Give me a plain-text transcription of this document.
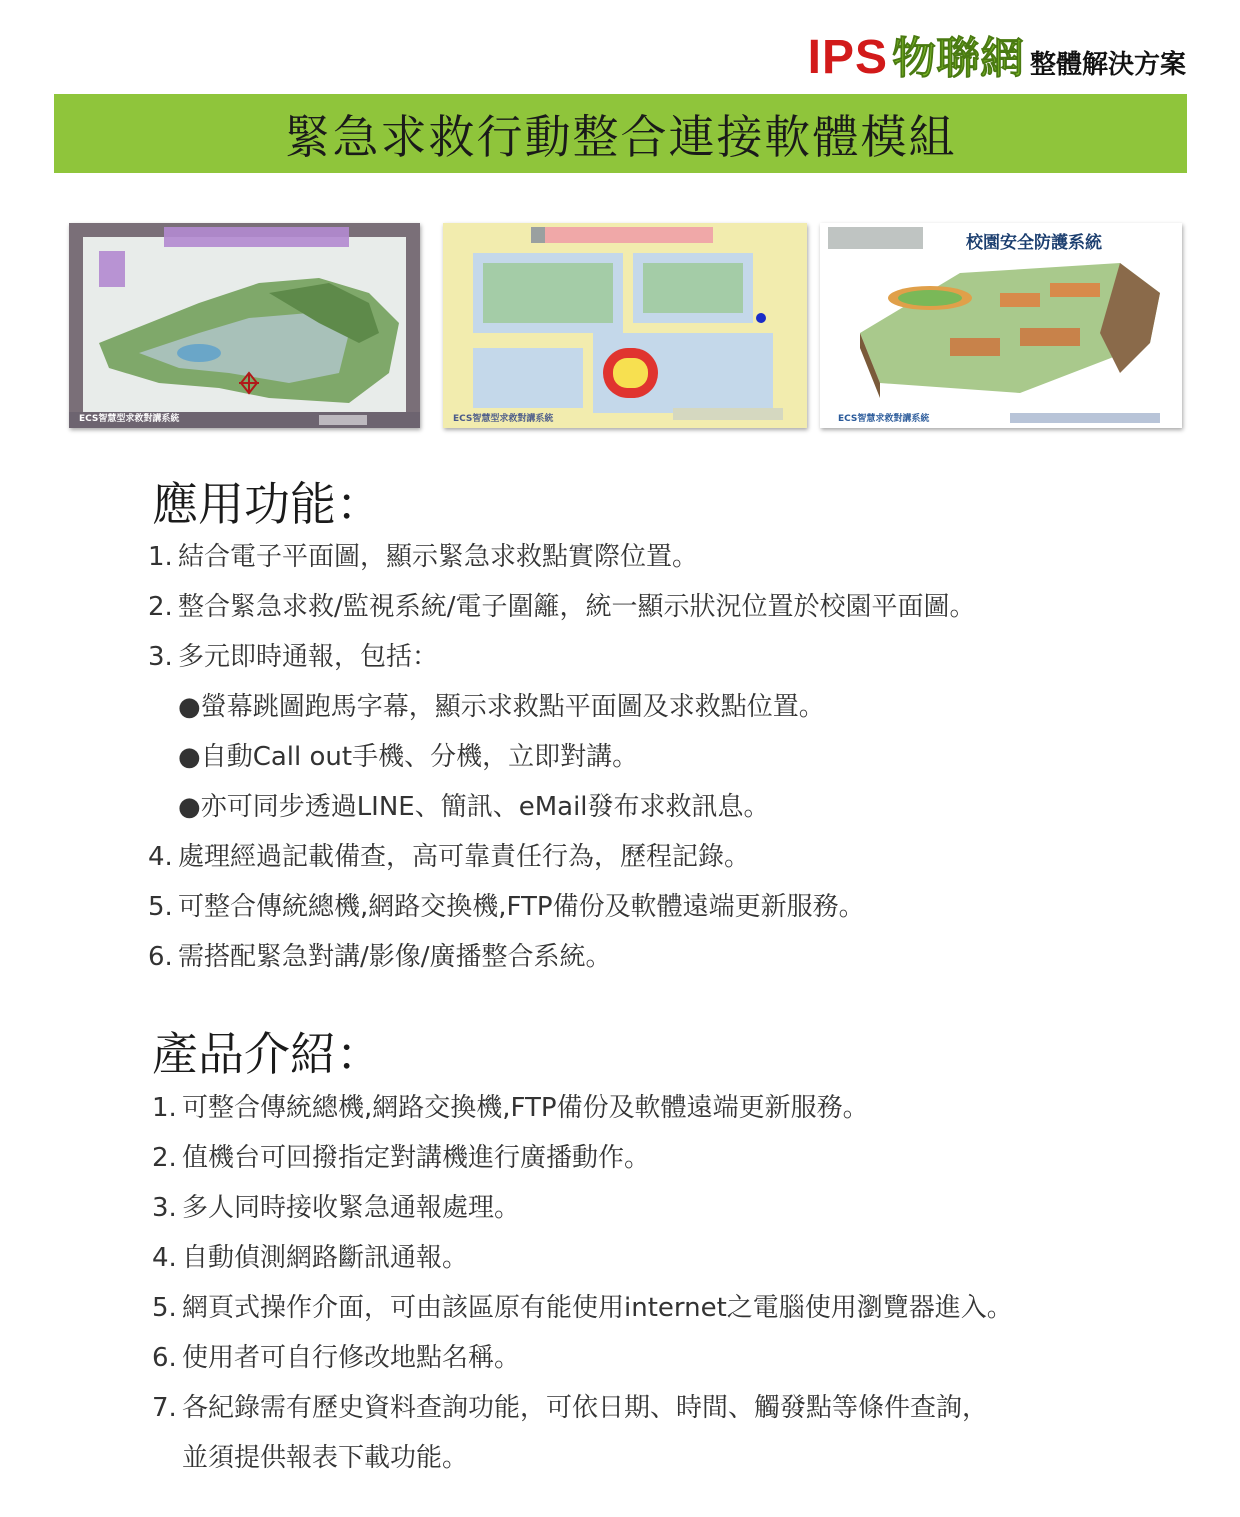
IPS 物聯網 整體解決方案
緊急求救行動整合連接軟體模組
ECS智慧型求救對講系統	ECS智慧型求救對講系統
校園安全防護系統
ECS智慧求救對講系統
應用功能：
1. 結合電子平面圖，顯示緊急求救點實際位置。
2. 整合緊急求救/監視系統/電子圍籬，統一顯示狀況位置於校園平面圖。
3. 多元即時通報，包括：
●螢幕跳圖跑馬字幕，顯示求救點平面圖及求救點位置。
●自動Call out手機、分機，立即對講。
●亦可同步透過LINE、簡訊、eMail發布求救訊息。
4. 處理經過記載備查，高可靠責任行為，歷程記錄。
5. 可整合傳統總機,網路交換機,FTP備份及軟體遠端更新服務。
6. 需搭配緊急對講/影像/廣播整合系統。
產品介紹：
1. 可整合傳統總機,網路交換機,FTP備份及軟體遠端更新服務。
2. 值機台可回撥指定對講機進行廣播動作。
3. 多人同時接收緊急通報處理。
4. 自動偵測網路斷訊通報。
5. 網頁式操作介面，可由該區原有能使用internet之電腦使用瀏覽器進入。
6. 使用者可自行修改地點名稱。
7. 各紀錄需有歷史資料查詢功能，可依日期、時間、觸發點等條件查詢，
並須提供報表下載功能。
